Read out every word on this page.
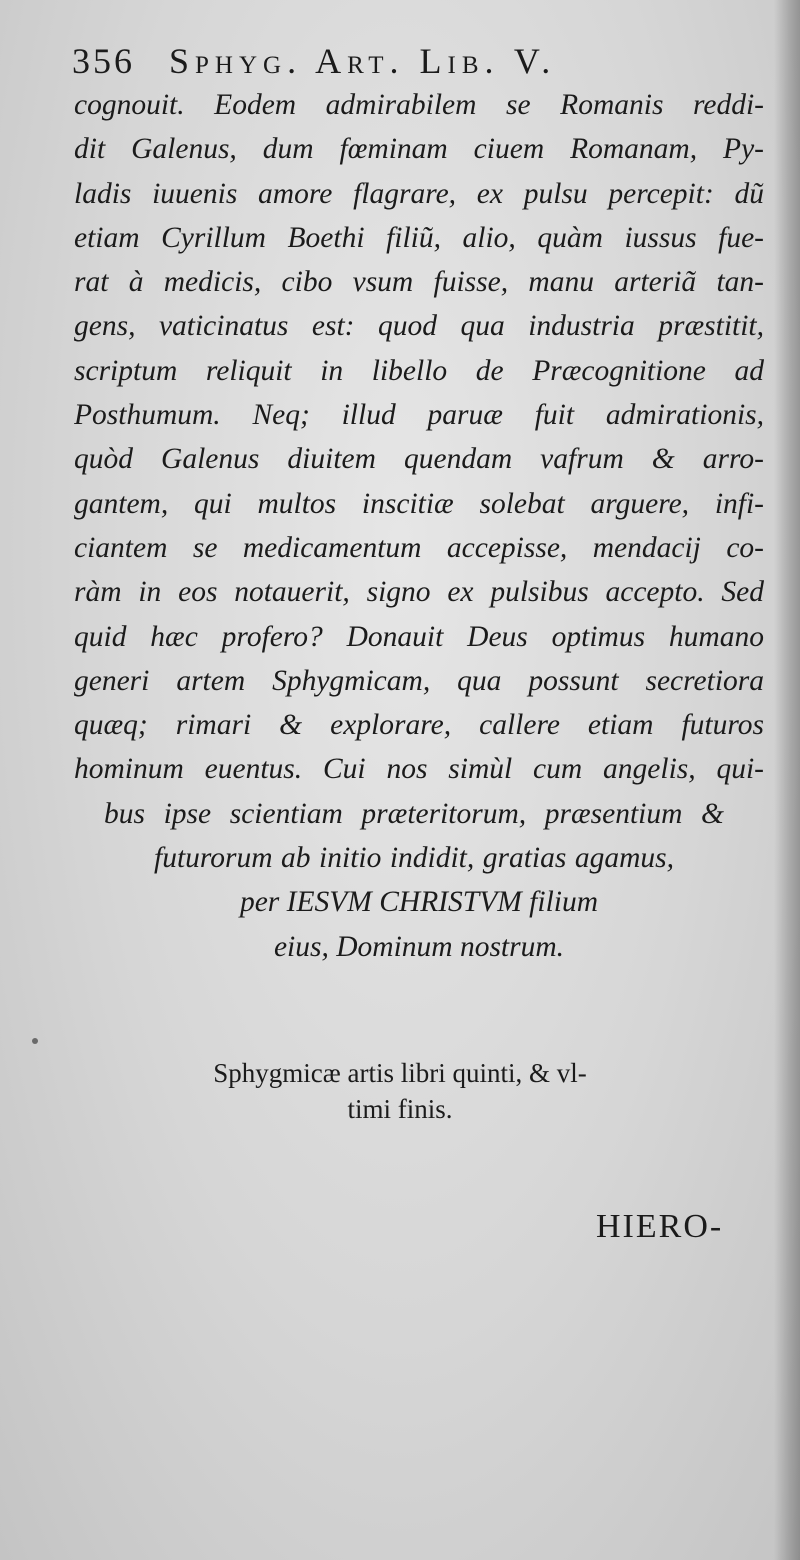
356 Sphyg. Art. Lib. V.
cognouit. Eodem admirabilem se Romanis reddi-
dit Galenus, dum fœminam ciuem Romanam, Py-
ladis iuuenis amore flagrare, ex pulsu percepit: dũ
etiam Cyrillum Boethi filiũ, alio, quàm iussus fue-
rat à medicis, cibo vsum fuisse, manu arteriã tan-
gens, vaticinatus est: quod qua industria præstitit,
scriptum reliquit in libello de Præcognitione ad
Posthumum. Neq; illud paruæ fuit admirationis,
quòd Galenus diuitem quendam vafrum & arro-
gantem, qui multos inscitiæ solebat arguere, infi-
ciantem se medicamentum accepisse, mendacij co-
ràm in eos notauerit, signo ex pulsibus accepto. Sed
quid hæc profero? Donauit Deus optimus humano
generi artem Sphygmicam, qua possunt secretiora
quæq; rimari & explorare, callere etiam futuros
hominum euentus. Cui nos simùl cum angelis, qui-
bus ipse scientiam præteritorum, præsentium &
futurorum ab initio indidit, gratias agamus,
per IESVM CHRISTVM filium
eius, Dominum nostrum.
Sphygmicæ artis libri quinti, & vl-
timi finis.
HIERO-
